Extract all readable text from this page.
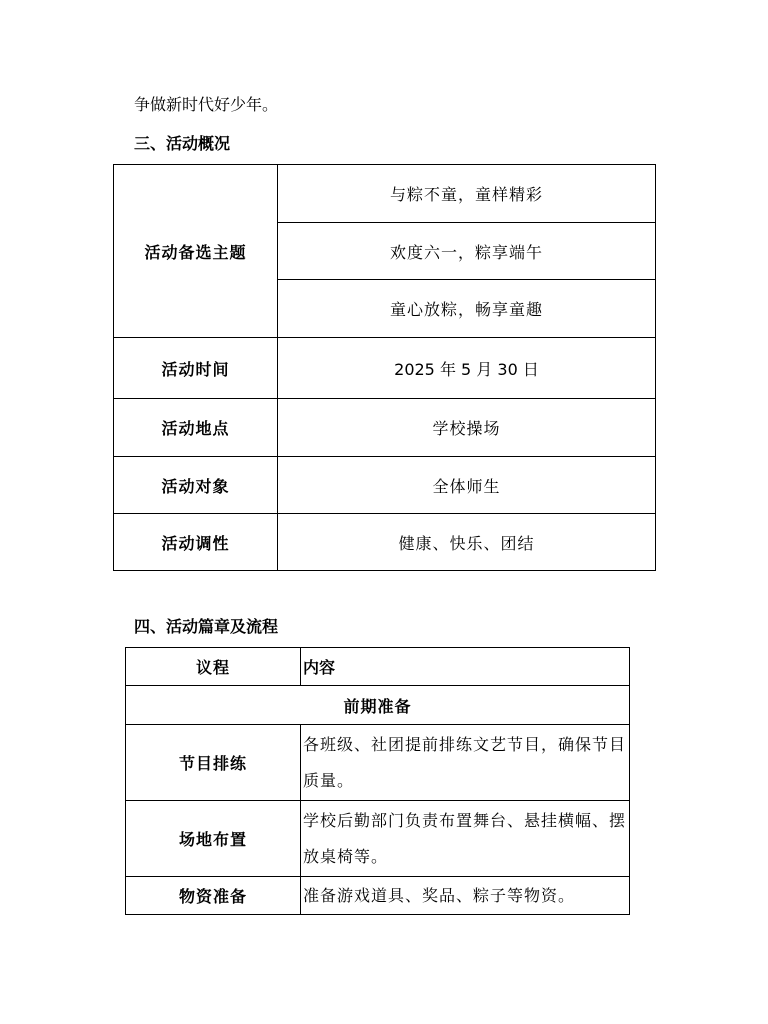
争做新时代好少年。
三、活动概况
活动备选主题	与粽不童，童样精彩
	欢度六一，粽享端午
	童心放粽，畅享童趣
活动时间	2025 年 5 月 30 日
活动地点	学校操场
活动对象	全体师生
活动调性	健康、快乐、团结
四、活动篇章及流程
议程	内容
前期准备	
节目排练	各班级、社团提前排练文艺节目，确保节目质量。
场地布置	学校后勤部门负责布置舞台、悬挂横幅、摆放桌椅等。
物资准备	准备游戏道具、奖品、粽子等物资。
